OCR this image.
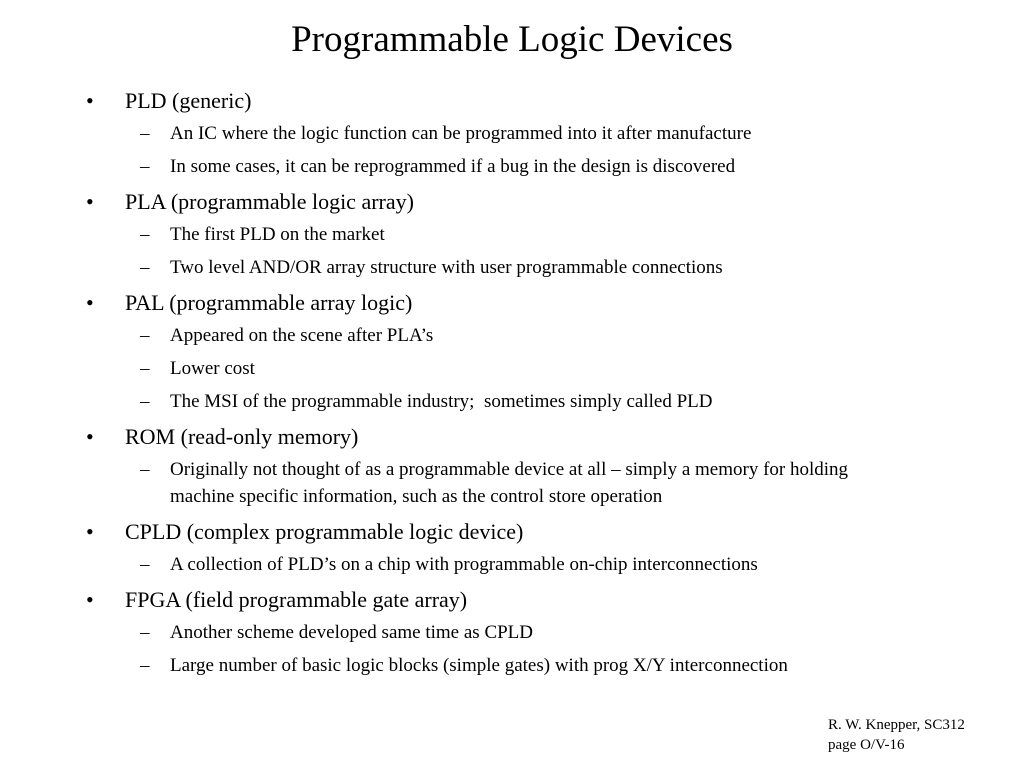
Programmable Logic Devices
• PLD (generic)
– An IC where the logic function can be programmed into it after manufacture
– In some cases, it can be reprogrammed if a bug in the design is discovered
• PLA (programmable logic array)
– The first PLD on the market
– Two level AND/OR array structure with user programmable connections
• PAL (programmable array logic)
– Appeared on the scene after PLA’s
– Lower cost
– The MSI of the programmable industry;  sometimes simply called PLD
• ROM (read-only memory)
– Originally not thought of as a programmable device at all – simply a memory for holding machine specific information, such as the control store operation
• CPLD (complex programmable logic device)
– A collection of PLD’s on a chip with programmable on-chip interconnections
• FPGA (field programmable gate array)
– Another scheme developed same time as CPLD
– Large number of basic logic blocks (simple gates) with prog X/Y interconnection
R. W. Knepper, SC312
page O/V-16
